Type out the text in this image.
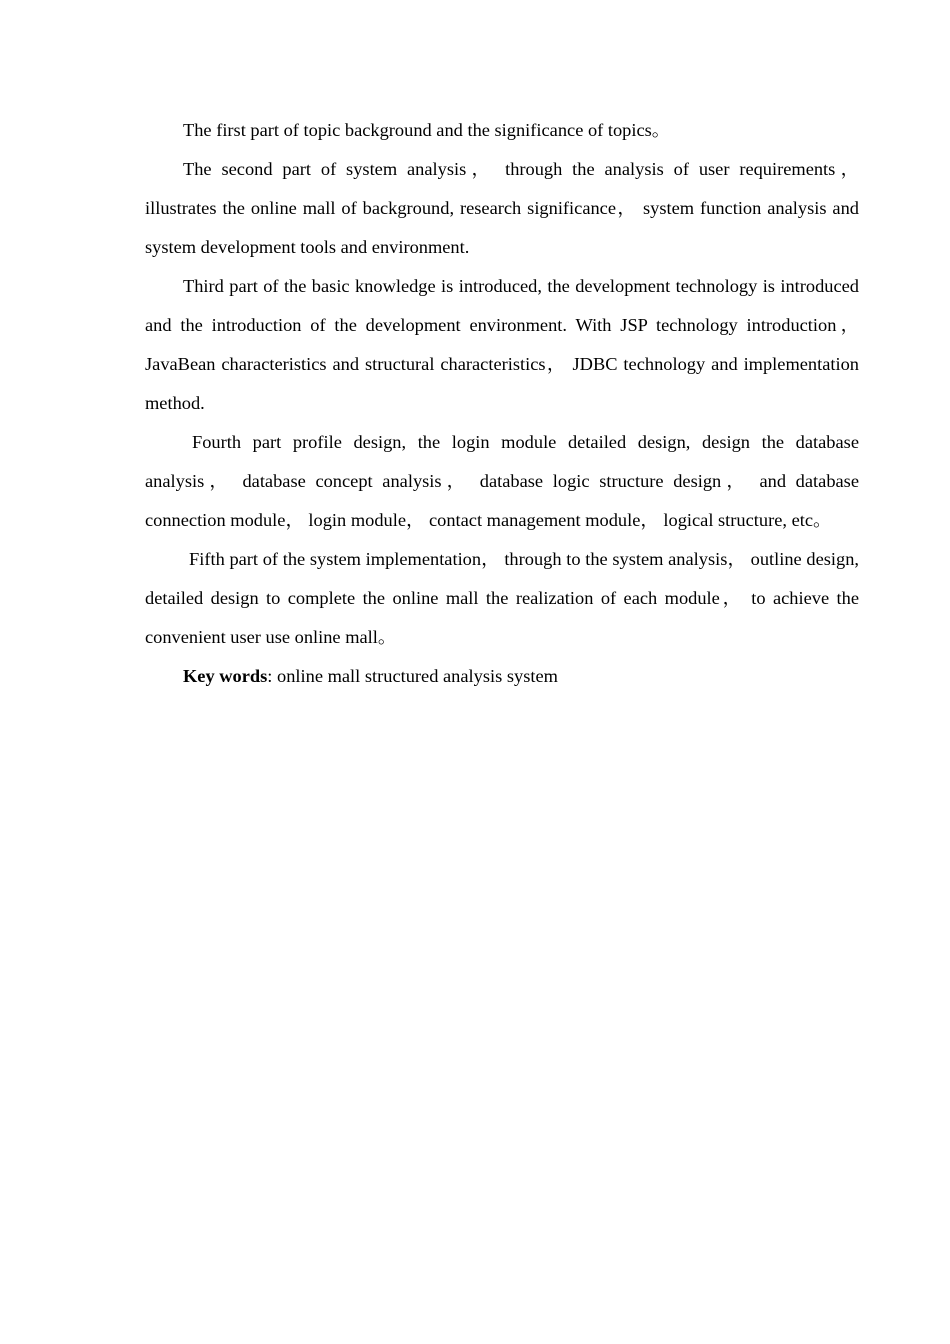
The first part of topic background and the significance of topics。

The second part of system analysis， through the analysis of user requirements， illustrates the online mall of background, research significance， system function analysis and system development tools and environment.

Third part of the basic knowledge is introduced, the development technology is introduced and the introduction of the development environment. With JSP technology introduction， JavaBean characteristics and structural characteristics， JDBC technology and implementation method.

Fourth part profile design, the login module detailed design, design the database analysis， database concept analysis， database logic structure design， and database connection module， login module， contact management module， logical structure, etc。

Fifth part of the system implementation， through to the system analysis， outline design, detailed design to complete the online mall the realization of each module， to achieve the convenient user use online mall。

Key words: online mall structured analysis system
